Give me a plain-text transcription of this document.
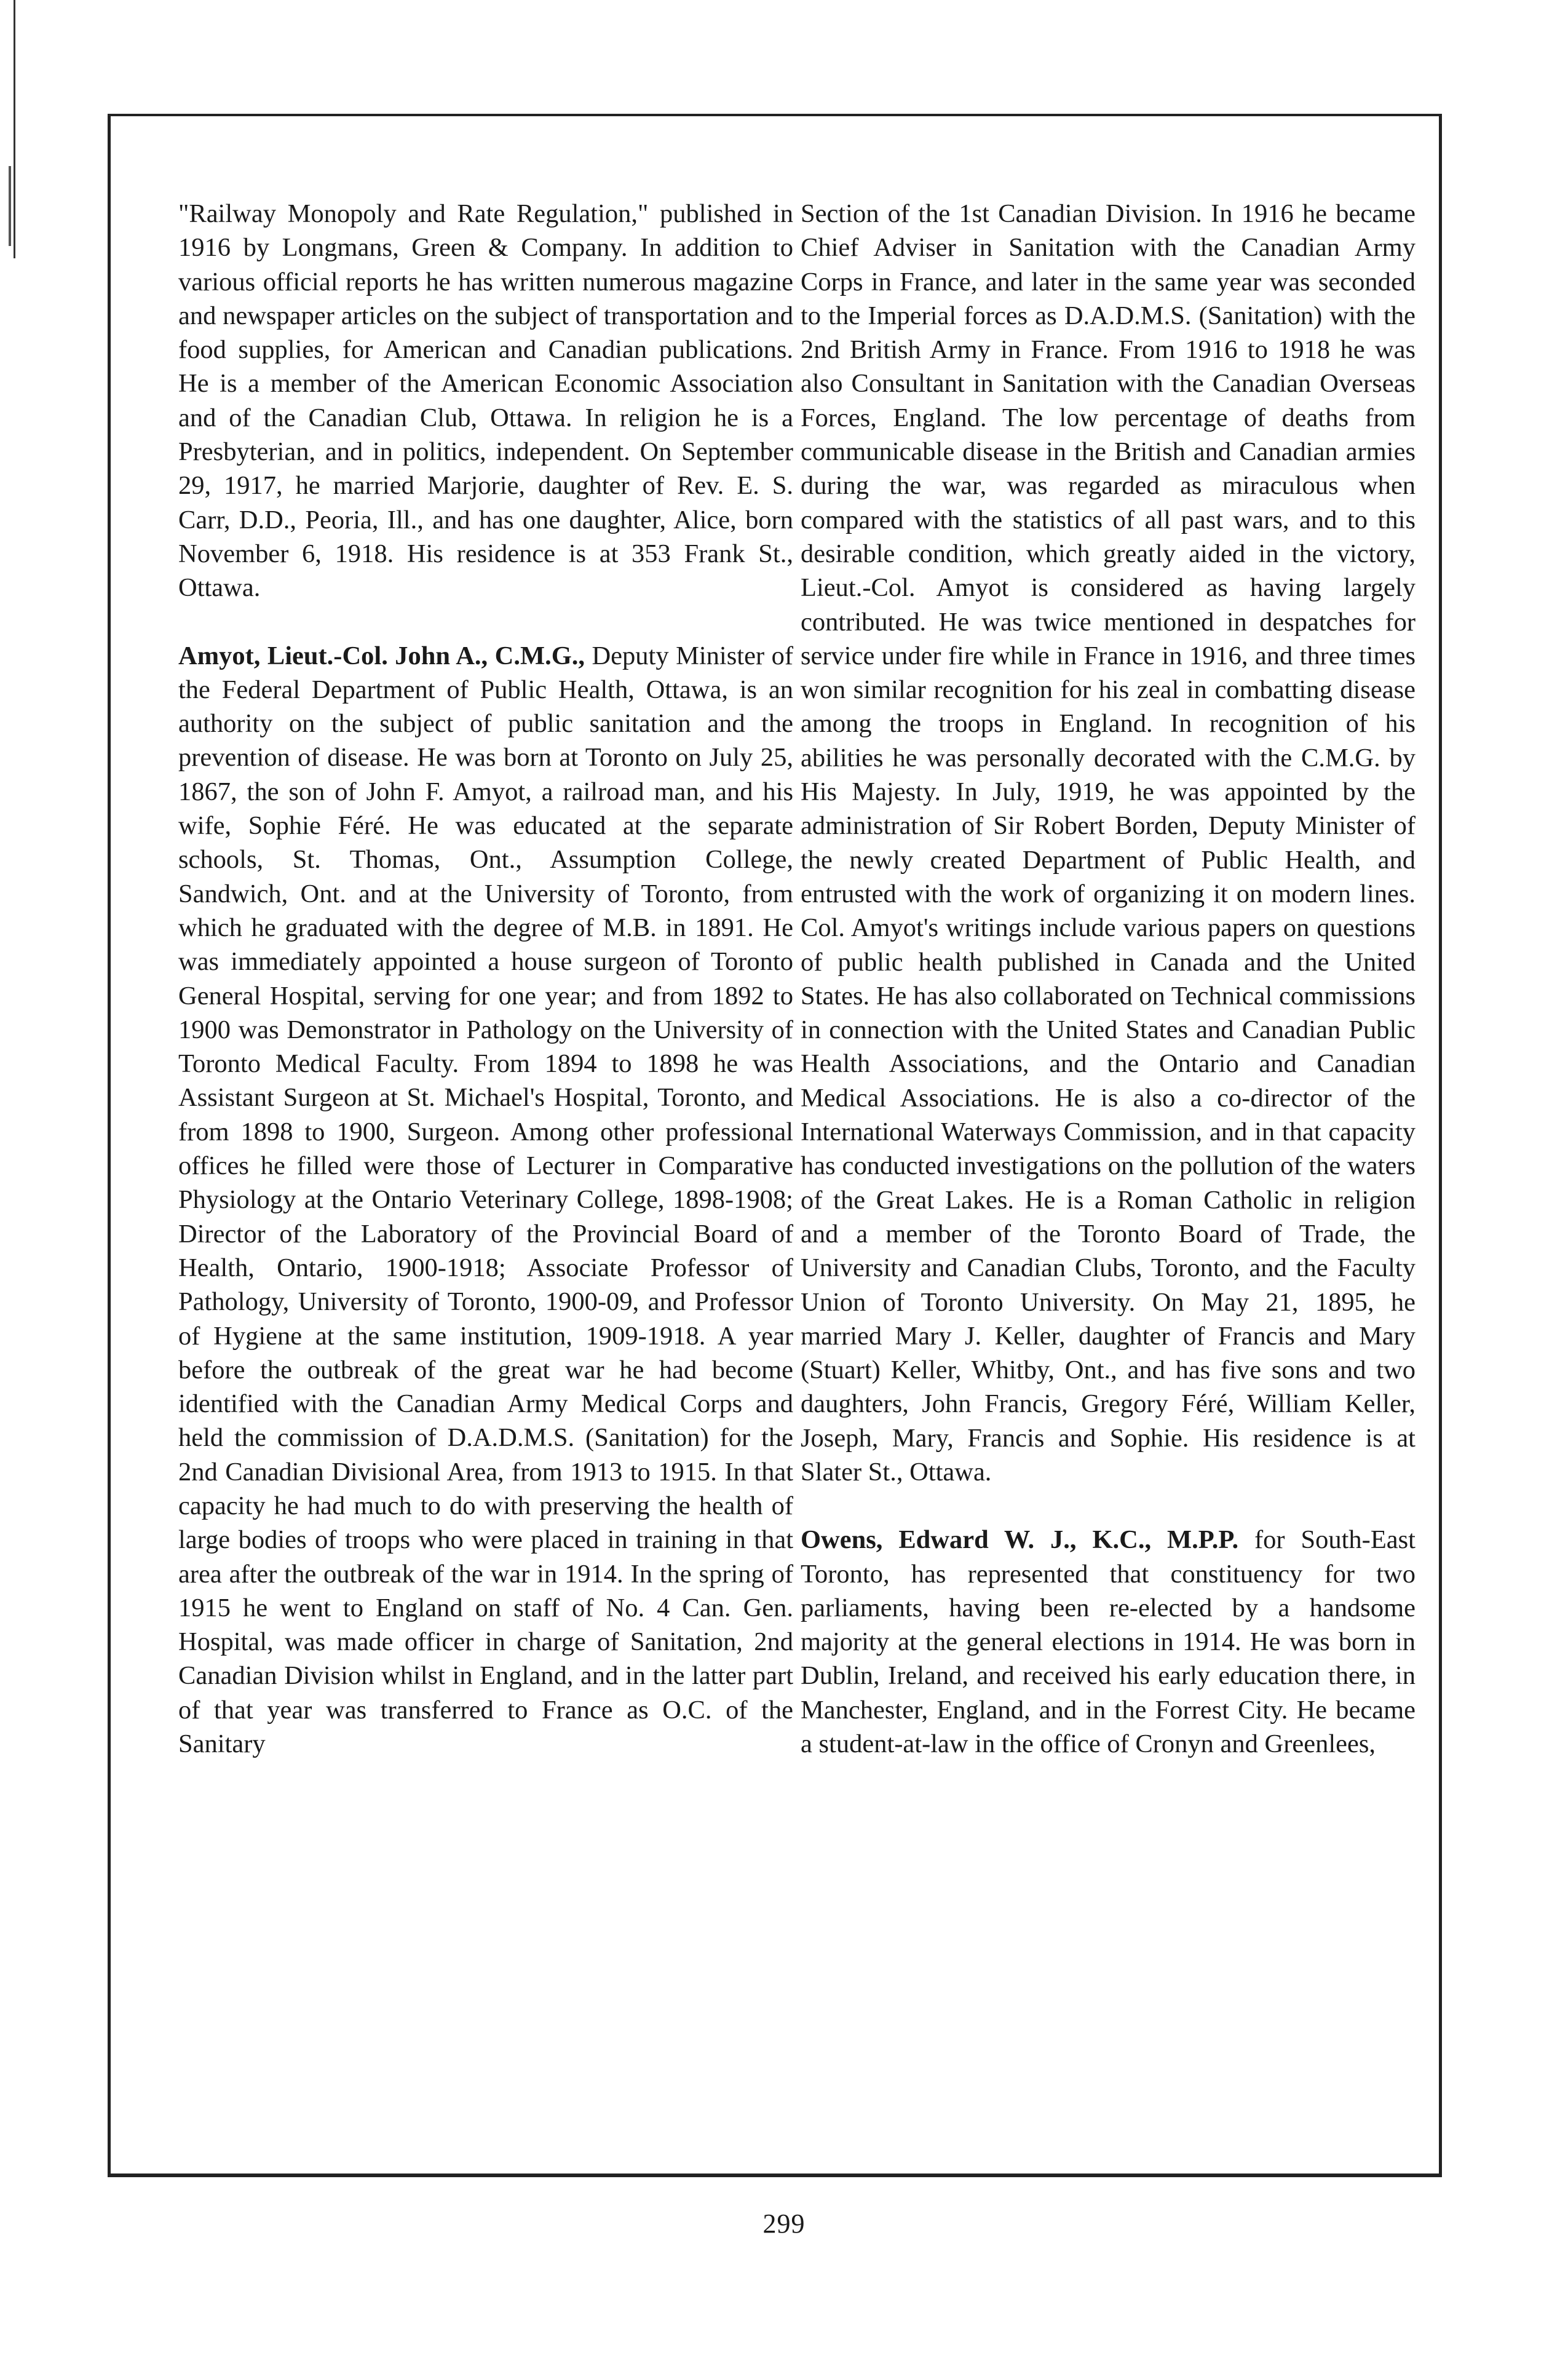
"Railway Monopoly and Rate Regulation," published in 1916 by Longmans, Green & Company. In addition to various official reports he has written numerous magazine and newspaper articles on the subject of transportation and food supplies, for American and Canadian publications. He is a member of the American Economic Association and of the Canadian Club, Ottawa. In religion he is a Presbyterian, and in politics, independent. On September 29, 1917, he married Marjorie, daughter of Rev. E. S. Carr, D.D., Peoria, Ill., and has one daughter, Alice, born November 6, 1918. His residence is at 353 Frank St., Ottawa.

Amyot, Lieut.-Col. John A., C.M.G., Deputy Minister of the Federal Department of Public Health, Ottawa, is an authority on the subject of public sanitation and the prevention of disease. He was born at Toronto on July 25, 1867, the son of John F. Amyot, a railroad man, and his wife, Sophie Féré. He was educated at the separate schools, St. Thomas, Ont., Assumption College, Sandwich, Ont. and at the University of Toronto, from which he graduated with the degree of M.B. in 1891. He was immediately appointed a house surgeon of Toronto General Hospital, serving for one year; and from 1892 to 1900 was Demonstrator in Pathology on the University of Toronto Medical Faculty. From 1894 to 1898 he was Assistant Surgeon at St. Michael's Hospital, Toronto, and from 1898 to 1900, Surgeon. Among other professional offices he filled were those of Lecturer in Comparative Physiology at the Ontario Veterinary College, 1898-1908; Director of the Laboratory of the Provincial Board of Health, Ontario, 1900-1918; Associate Professor of Pathology, University of Toronto, 1900-09, and Professor of Hygiene at the same institution, 1909-1918. A year before the outbreak of the great war he had become identified with the Canadian Army Medical Corps and held the commission of D.A.D.M.S. (Sanitation) for the 2nd Canadian Divisional Area, from 1913 to 1915. In that capacity he had much to do with preserving the health of large bodies of troops who were placed in training in that area after the outbreak of the war in 1914. In the spring of 1915 he went to England on staff of No. 4 Can. Gen. Hospital, was made officer in charge of Sanitation, 2nd Canadian Division whilst in England, and in the latter part of that year was transferred to France as O.C. of the Sanitary

Section of the 1st Canadian Division. In 1916 he became Chief Adviser in Sanitation with the Canadian Army Corps in France, and later in the same year was seconded to the Imperial forces as D.A.D.M.S. (Sanitation) with the 2nd British Army in France. From 1916 to 1918 he was also Consultant in Sanitation with the Canadian Overseas Forces, England. The low percentage of deaths from communicable disease in the British and Canadian armies during the war, was regarded as miraculous when compared with the statistics of all past wars, and to this desirable condition, which greatly aided in the victory, Lieut.-Col. Amyot is considered as having largely contributed. He was twice mentioned in despatches for service under fire while in France in 1916, and three times won similar recognition for his zeal in combatting disease among the troops in England. In recognition of his abilities he was personally decorated with the C.M.G. by His Majesty. In July, 1919, he was appointed by the administration of Sir Robert Borden, Deputy Minister of the newly created Department of Public Health, and entrusted with the work of organizing it on modern lines. Col. Amyot's writings include various papers on questions of public health published in Canada and the United States. He has also collaborated on Technical commissions in connection with the United States and Canadian Public Health Associations, and the Ontario and Canadian Medical Associations. He is also a co-director of the International Waterways Commission, and in that capacity has conducted investigations on the pollution of the waters of the Great Lakes. He is a Roman Catholic in religion and a member of the Toronto Board of Trade, the University and Canadian Clubs, Toronto, and the Faculty Union of Toronto University. On May 21, 1895, he married Mary J. Keller, daughter of Francis and Mary (Stuart) Keller, Whitby, Ont., and has five sons and two daughters, John Francis, Gregory Féré, William Keller, Joseph, Mary, Francis and Sophie. His residence is at Slater St., Ottawa.

Owens, Edward W. J., K.C., M.P.P. for South-East Toronto, has represented that constituency for two parliaments, having been re-elected by a handsome majority at the general elections in 1914. He was born in Dublin, Ireland, and received his early education there, in Manchester, England, and in the Forrest City. He became a student-at-law in the office of Cronyn and Greenlees,

299
